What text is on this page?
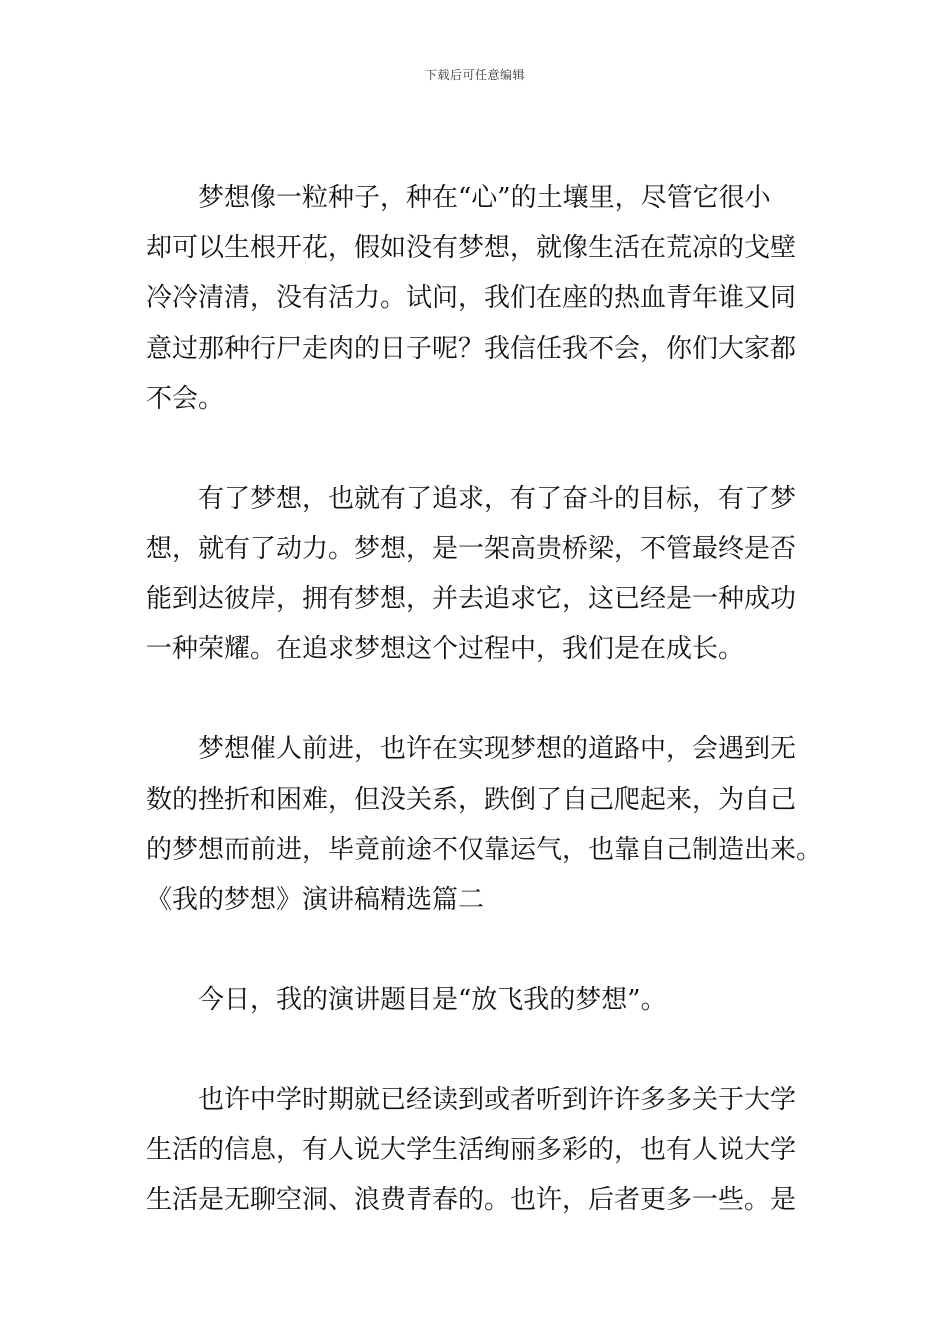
下载后可任意编辑
梦想像一粒种子，种在“心”的土壤里，尽管它很小
却可以生根开花，假如没有梦想，就像生活在荒凉的戈壁
冷冷清清，没有活力。试问，我们在座的热血青年谁又同
意过那种行尸走肉的日子呢？我信任我不会，你们大家都
不会。
有了梦想，也就有了追求，有了奋斗的目标，有了梦
想，就有了动力。梦想，是一架高贵桥梁，不管最终是否
能到达彼岸，拥有梦想，并去追求它，这已经是一种成功
一种荣耀。在追求梦想这个过程中，我们是在成长。
梦想催人前进，也许在实现梦想的道路中，会遇到无
数的挫折和困难，但没关系，跌倒了自己爬起来，为自己
的梦想而前进，毕竟前途不仅靠运气，也靠自己制造出来。
《我的梦想》演讲稿精选篇二
今日，我的演讲题目是“放飞我的梦想”。
也许中学时期就已经读到或者听到许许多多关于大学
生活的信息，有人说大学生活绚丽多彩的，也有人说大学
生活是无聊空洞、浪费青春的。也许，后者更多一些。是
